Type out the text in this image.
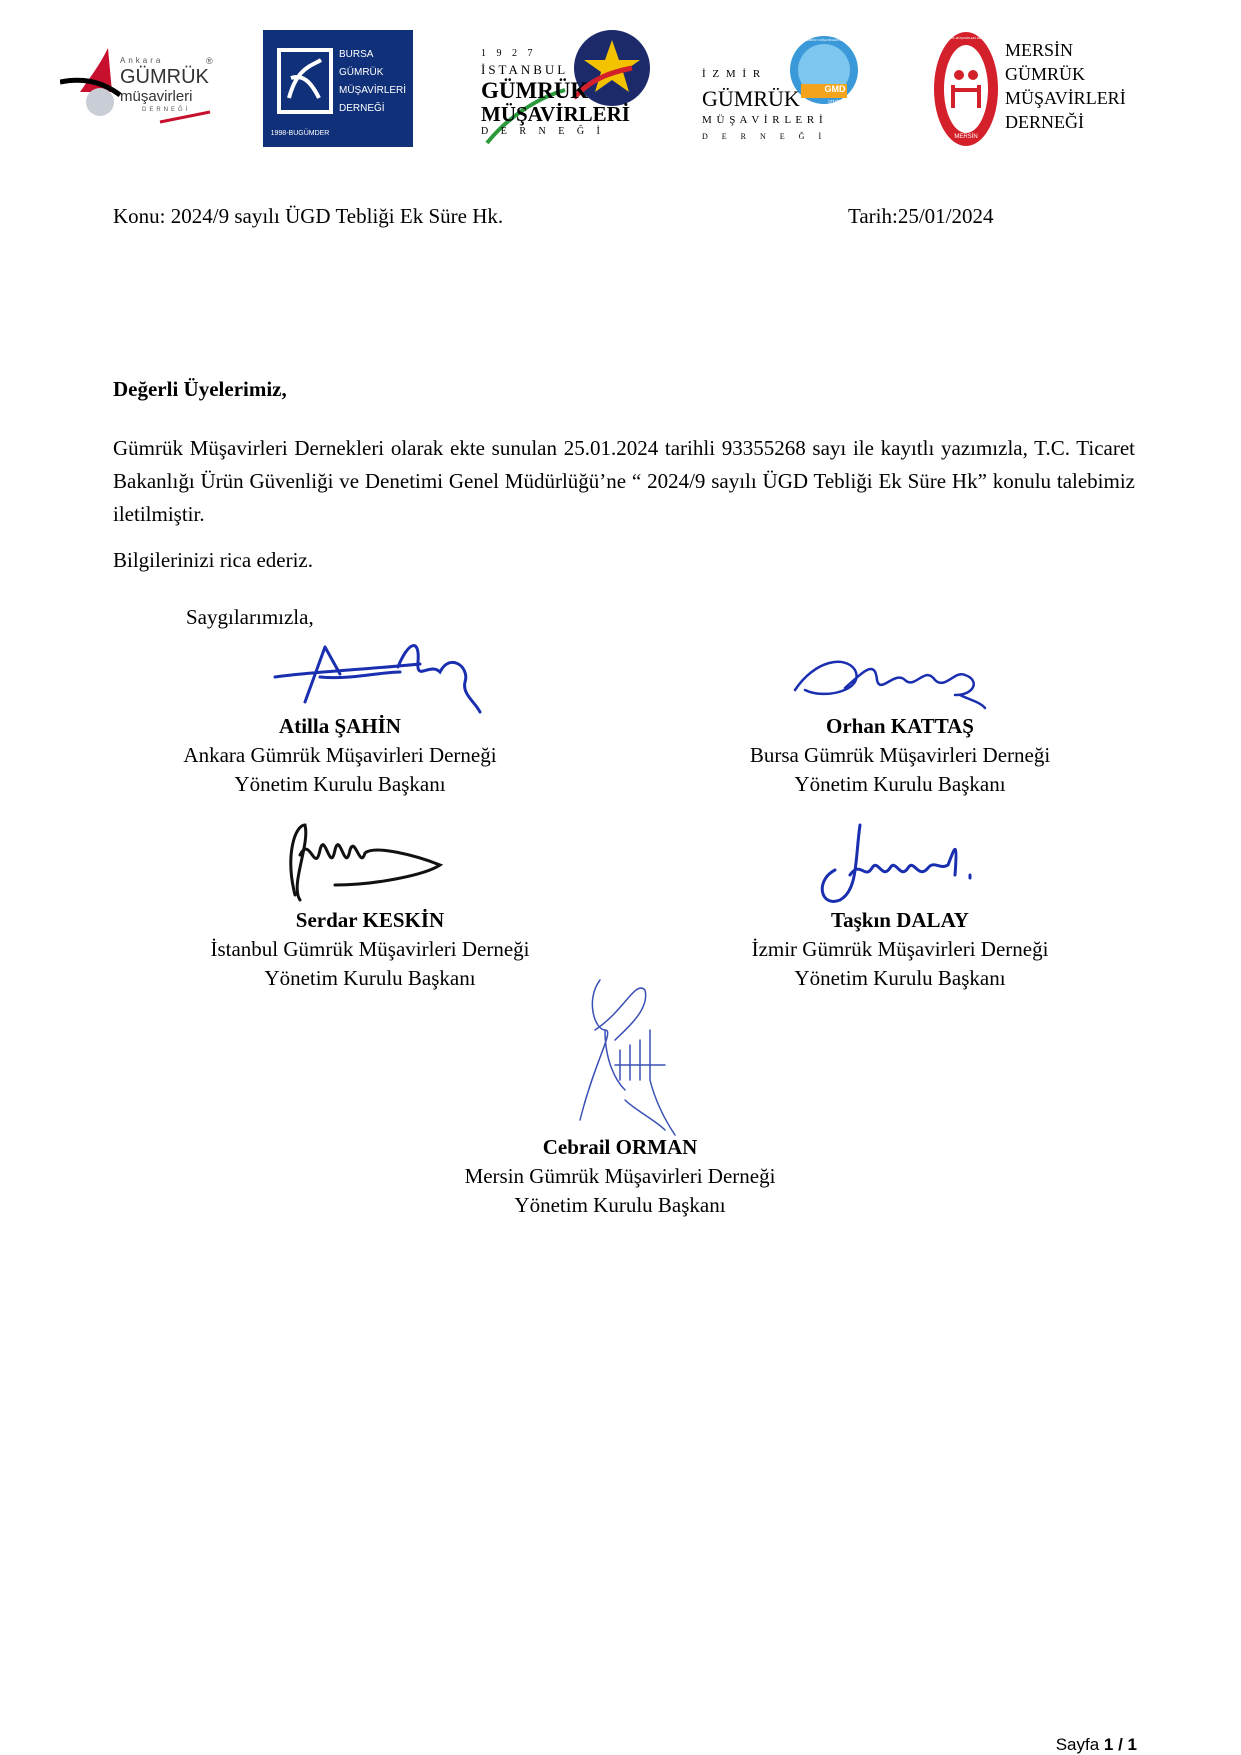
Ankara	®
GÜMRÜK
müşavirleri
DERNEĞİ
BURSA
GÜMRÜK
MÜŞAVİRLERİ
DERNEĞİ
1998-BUGÜMDER
1 9 2 7
İSTANBUL
GÜMRÜK
MÜŞAVİRLERİ
D E R N E Ğ İ
GMD
İZMİR GÜMRÜK MÜŞAVİRLERİ DERNEĞİ
İZMİR
İ Z M İ R
GÜMRÜK
M Ü Ş A V İ R L E R İ
D E R N E Ğ İ
GÜMRÜK MÜŞAVİRLERİ DERNEĞİ
MERSİN
MERSİN
GÜMRÜK
MÜŞAVİRLERİ
DERNEĞİ
Konu: 2024/9 sayılı ÜGD Tebliği Ek Süre Hk.	Tarih:25/01/2024
Değerli Üyelerimiz,
Gümrük Müşavirleri Dernekleri olarak ekte sunulan 25.01.2024 tarihli 93355268 sayı ile kayıtlı yazımızla, T.C. Ticaret Bakanlığı Ürün Güvenliği ve Denetimi Genel Müdürlüğü’ne “ 2024/9 sayılı ÜGD Tebliği Ek Süre Hk” konulu talebimiz iletilmiştir.
Bilgilerinizi rica ederiz.
Saygılarımızla,
Atilla ŞAHİN
Ankara Gümrük Müşavirleri Derneği
Yönetim Kurulu Başkanı
Orhan KATTAŞ
Bursa Gümrük Müşavirleri Derneği
Yönetim Kurulu Başkanı
Serdar KESKİN
İstanbul Gümrük Müşavirleri Derneği
Yönetim Kurulu Başkanı
Taşkın DALAY
İzmir Gümrük Müşavirleri Derneği
Yönetim Kurulu Başkanı
Cebrail ORMAN
Mersin Gümrük Müşavirleri Derneği
Yönetim Kurulu Başkanı
Sayfa 1 / 1
